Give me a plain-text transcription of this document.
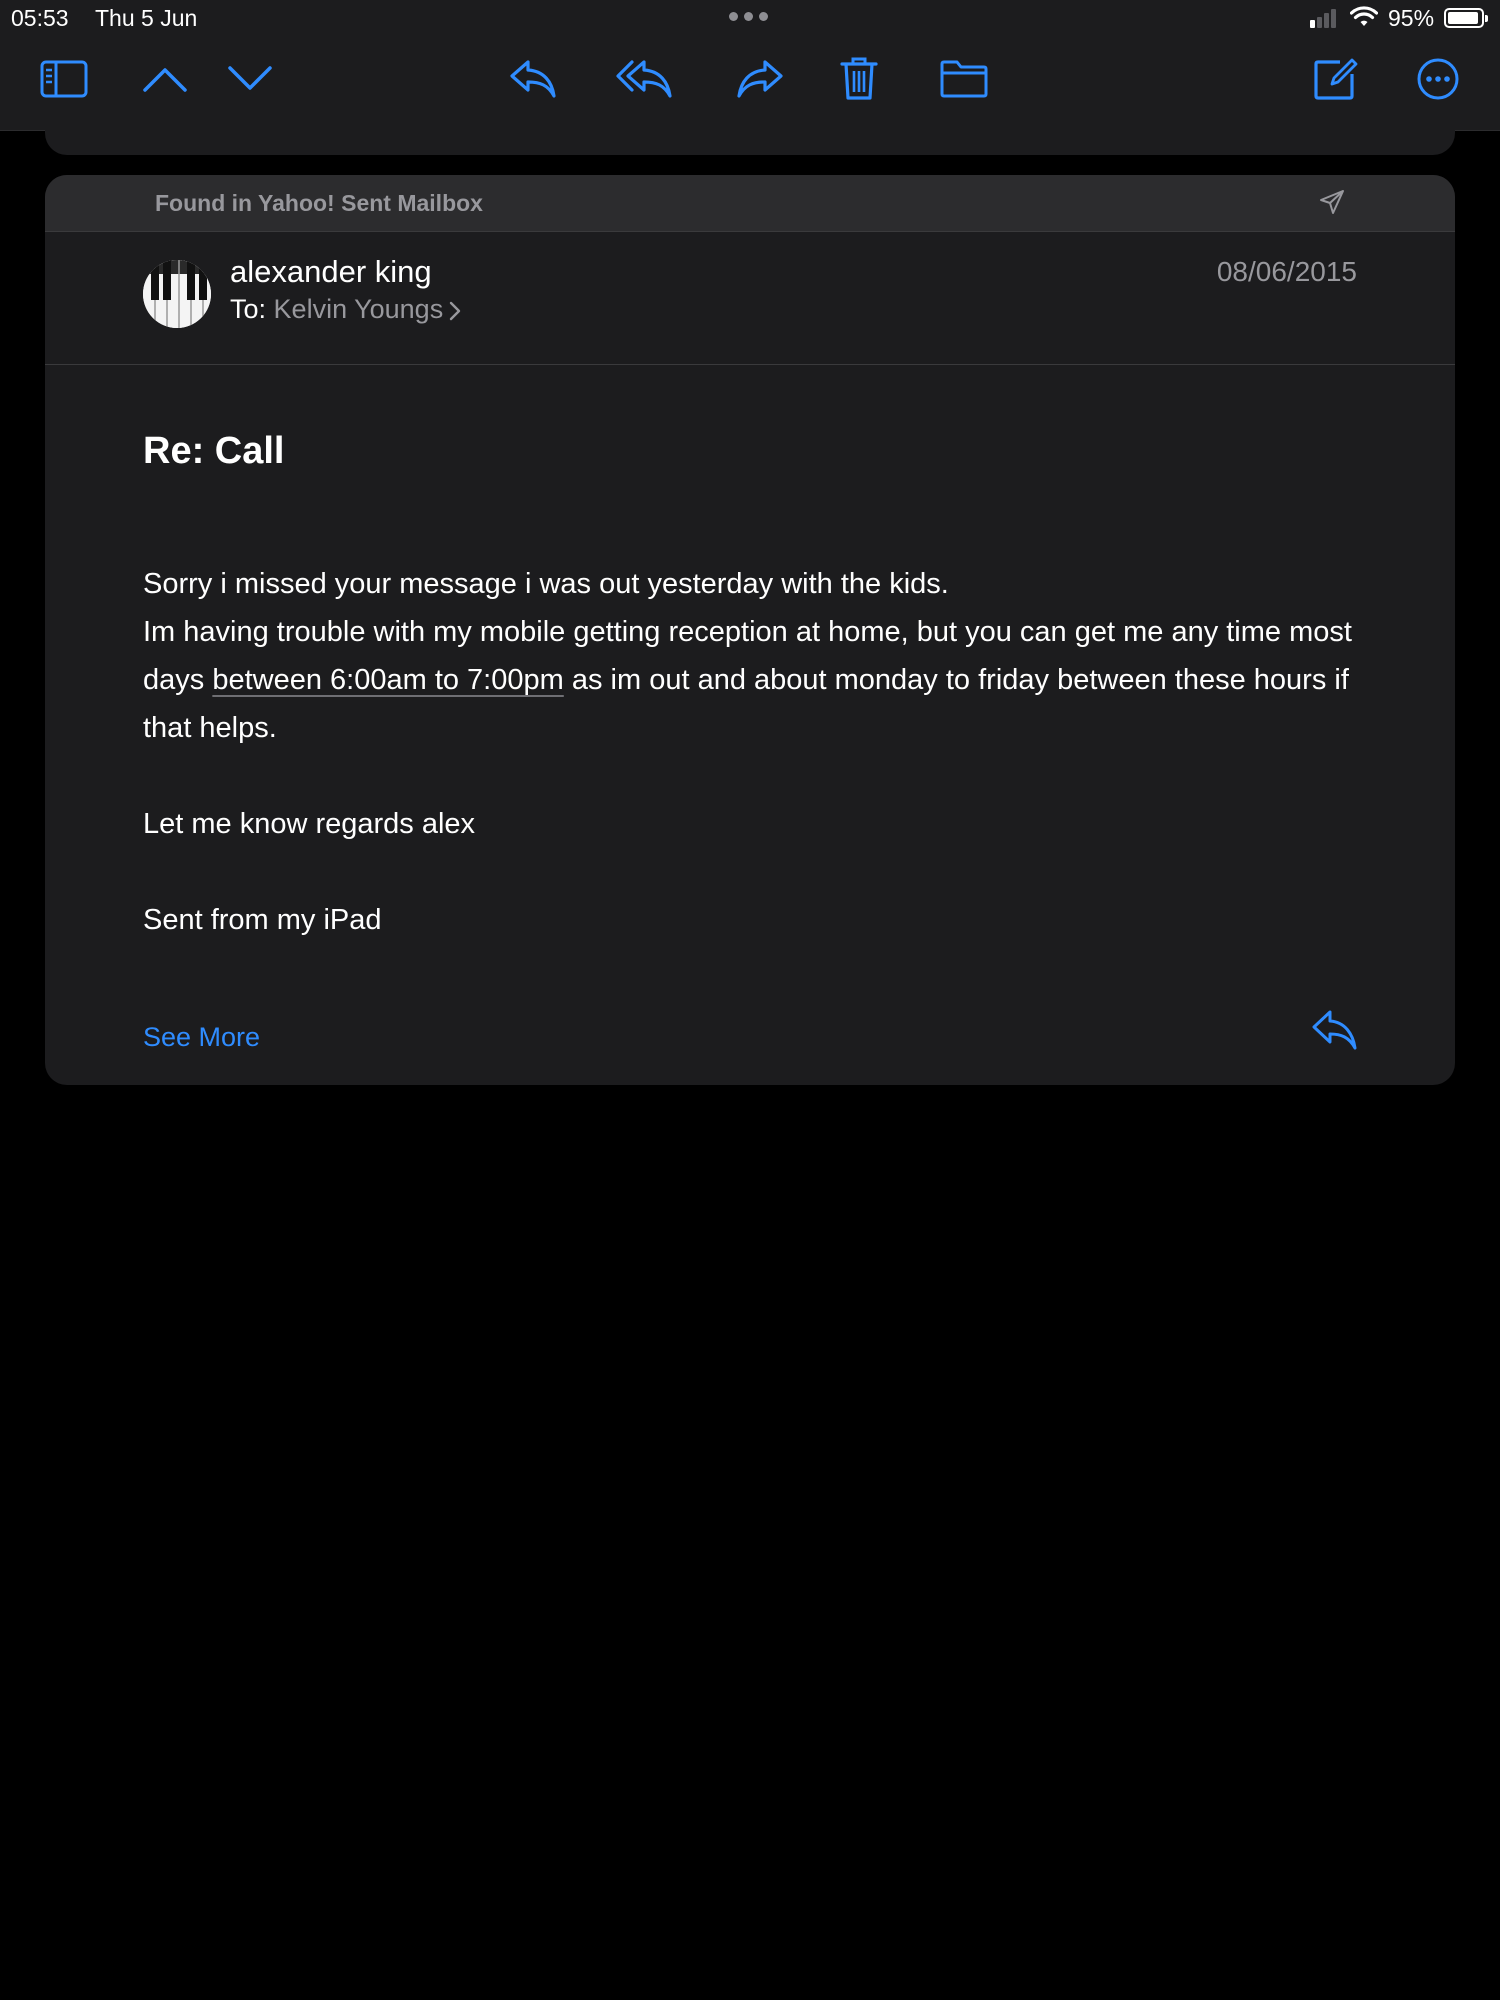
05:53 Thu 5 Jun	95%
Found in Yahoo! Sent Mailbox
alexander king
To: Kelvin Youngs
08/06/2015
Re: Call

Sorry i missed your message i was out yesterday with the kids.

Im having trouble with my mobile getting reception at home, but you can get me any time most days between 6:00am to 7:00pm as im out and about monday to friday between these hours if that helps.

Let me know regards alex

Sent from my iPad

See More
